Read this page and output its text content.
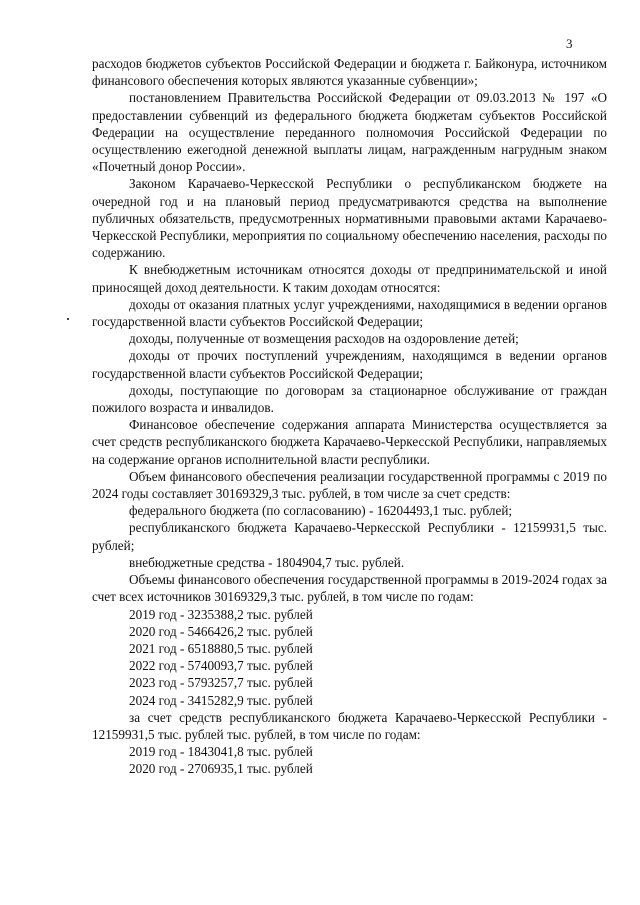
3

расходов бюджетов субъектов Российской Федерации и бюджета г. Байконура, источником финансового обеспечения которых являются указанные субвенции»;

постановлением Правительства Российской Федерации от 09.03.2013 № 197 «О предоставлении субвенций из федерального бюджета бюджетам субъектов Российской Федерации на осуществление переданного полномочия Российской Федерации по осуществлению ежегодной денежной выплаты лицам, награжденным нагрудным знаком «Почетный донор России».

Законом Карачаево-Черкесской Республики о республиканском бюджете на очередной год и на плановый период предусматриваются средства на выполнение публичных обязательств, предусмотренных нормативными правовыми актами Карачаево-Черкесской Республики, мероприятия по социальному обеспечению населения, расходы по содержанию.

К внебюджетным источникам относятся доходы от предпринимательской и иной приносящей доход деятельности. К таким доходам относятся:

доходы от оказания платных услуг учреждениями, находящимися в ведении органов государственной власти субъектов Российской Федерации;

доходы, полученные от возмещения расходов на оздоровление детей;

доходы от прочих поступлений учреждениям, находящимся в ведении органов государственной власти субъектов Российской Федерации;

доходы, поступающие по договорам за стационарное обслуживание от граждан пожилого возраста и инвалидов.

Финансовое обеспечение содержания аппарата Министерства осуществляется за счет средств республиканского бюджета Карачаево-Черкесской Республики, направляемых на содержание органов исполнительной власти республики.

Объем финансового обеспечения реализации государственной программы с 2019 по 2024 годы составляет 30169329,3 тыс. рублей, в том числе за счет средств:

федерального бюджета (по согласованию) - 16204493,1 тыс. рублей;

республиканского бюджета Карачаево-Черкесской Республики - 12159931,5 тыс. рублей;

внебюджетные средства - 1804904,7 тыс. рублей.

Объемы финансового обеспечения государственной программы в 2019-2024 годах за счет всех источников 30169329,3 тыс. рублей, в том числе по годам:

2019 год - 3235388,2 тыс. рублей

2020 год - 5466426,2 тыс. рублей

2021 год - 6518880,5 тыс. рублей

2022 год - 5740093,7 тыс. рублей

2023 год - 5793257,7 тыс. рублей

2024 год - 3415282,9 тыс. рублей

за счет средств республиканского бюджета Карачаево-Черкесской Республики - 12159931,5 тыс. рублей тыс. рублей, в том числе по годам:

2019 год - 1843041,8 тыс. рублей

2020 год - 2706935,1 тыс. рублей
